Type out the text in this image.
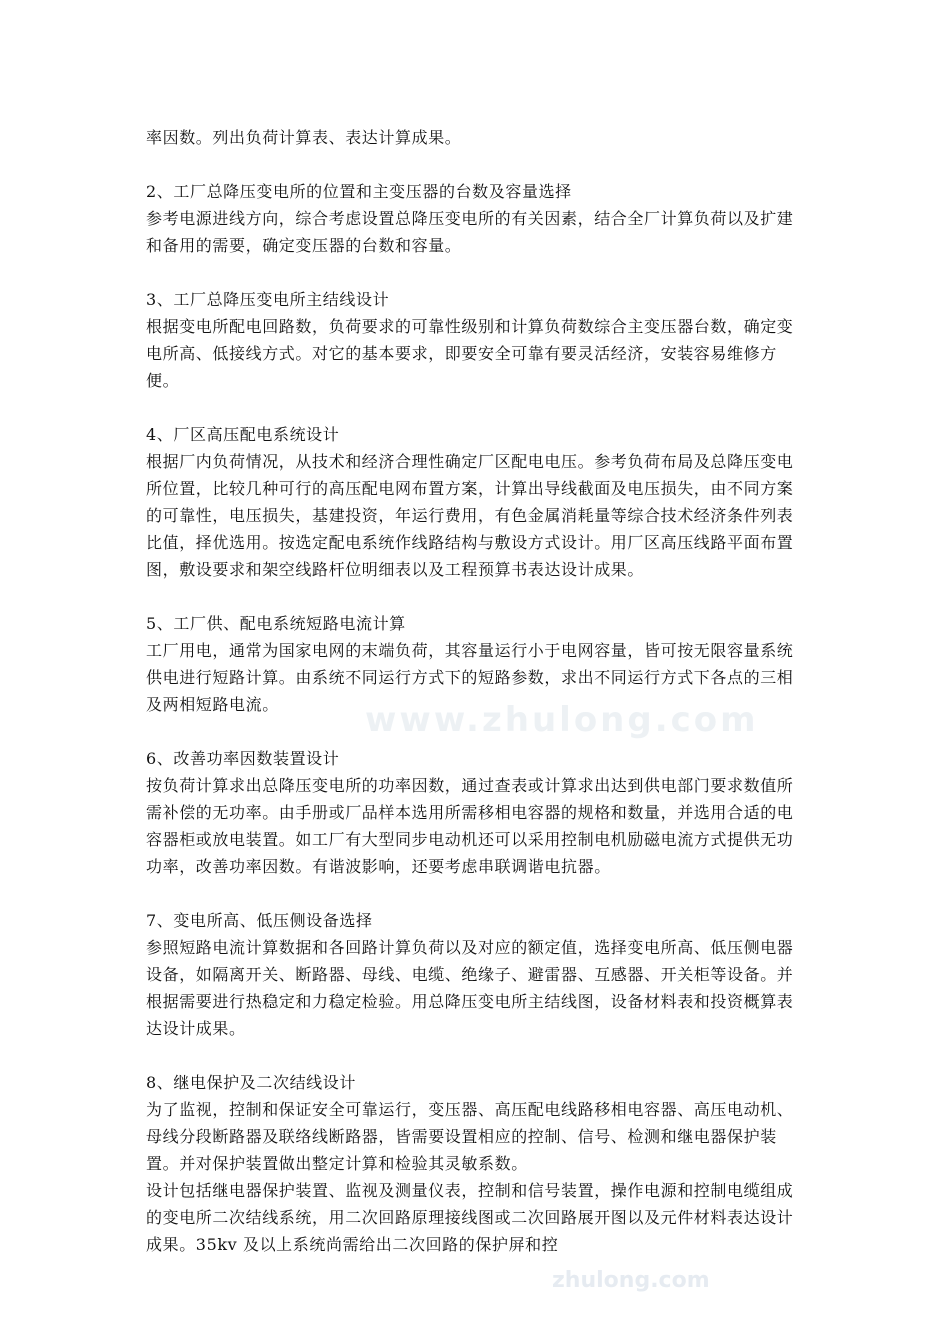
率因数。列出负荷计算表、表达计算成果。

2、工厂总降压变电所的位置和主变压器的台数及容量选择

参考电源进线方向，综合考虑设置总降压变电所的有关因素，结合全厂计算负荷以及扩建和备用的需要，确定变压器的台数和容量。

3、工厂总降压变电所主结线设计

根据变电所配电回路数，负荷要求的可靠性级别和计算负荷数综合主变压器台数，确定变电所高、低接线方式。对它的基本要求，即要安全可靠有要灵活经济，安装容易维修方便。

4、厂区高压配电系统设计

根据厂内负荷情况，从技术和经济合理性确定厂区配电电压。参考负荷布局及总降压变电所位置，比较几种可行的高压配电网布置方案，计算出导线截面及电压损失，由不同方案的可靠性，电压损失，基建投资，年运行费用，有色金属消耗量等综合技术经济条件列表比值，择优选用。按选定配电系统作线路结构与敷设方式设计。用厂区高压线路平面布置图，敷设要求和架空线路杆位明细表以及工程预算书表达设计成果。

5、工厂供、配电系统短路电流计算

工厂用电，通常为国家电网的末端负荷，其容量运行小于电网容量，皆可按无限容量系统供电进行短路计算。由系统不同运行方式下的短路参数，求出不同运行方式下各点的三相及两相短路电流。

6、改善功率因数装置设计

按负荷计算求出总降压变电所的功率因数，通过查表或计算求出达到供电部门要求数值所需补偿的无功率。由手册或厂品样本选用所需移相电容器的规格和数量，并选用合适的电容器柜或放电装置。如工厂有大型同步电动机还可以采用控制电机励磁电流方式提供无功功率，改善功率因数。有谐波影响，还要考虑串联调谐电抗器。

7、变电所高、低压侧设备选择

参照短路电流计算数据和各回路计算负荷以及对应的额定值，选择变电所高、低压侧电器设备，如隔离开关、断路器、母线、电缆、绝缘子、避雷器、互感器、开关柜等设备。并根据需要进行热稳定和力稳定检验。用总降压变电所主结线图，设备材料表和投资概算表达设计成果。

8、继电保护及二次结线设计

为了监视，控制和保证安全可靠运行，变压器、高压配电线路移相电容器、高压电动机、母线分段断路器及联络线断路器，皆需要设置相应的控制、信号、检测和继电器保护装置。并对保护装置做出整定计算和检验其灵敏系数。

设计包括继电器保护装置、监视及测量仪表，控制和信号装置，操作电源和控制电缆组成的变电所二次结线系统，用二次回路原理接线图或二次回路展开图以及元件材料表达设计成果。35kv 及以上系统尚需给出二次回路的保护屏和控

www.zhulong.com
zhulong.com
